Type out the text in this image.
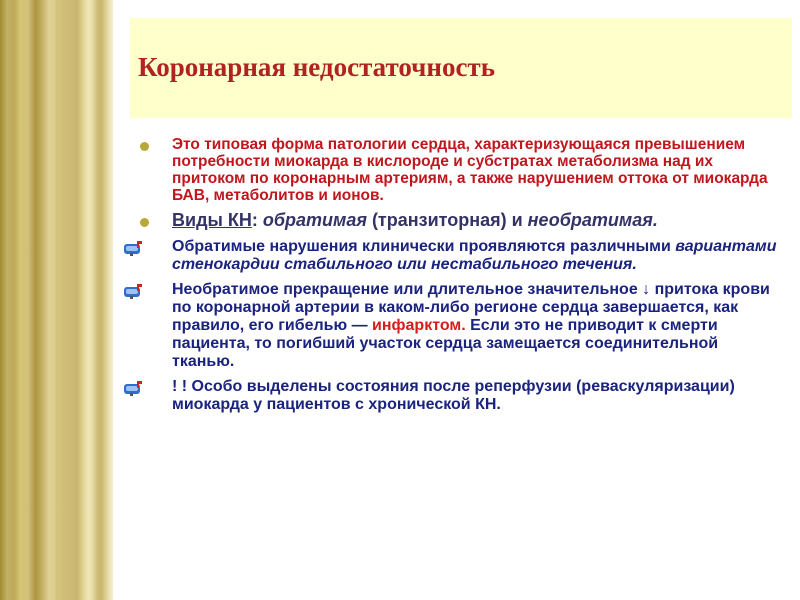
Коронарная недостаточность

Это типовая форма патологии сердца, характеризующаяся превышением потребности миокарда в кислороде и субстратах метаболизма над их притоком по коронарным артериям, а также нарушением оттока от миокарда БАВ, метаболитов и ионов.

Виды КН: обратимая (транзиторная) и необратимая.

Обратимые нарушения клинически проявляются различными вариантами стенокардии стабильного или нестабильного течения.

Необратимое прекращение или длительное значительное ↓ притока крови по коронарной артерии в каком-либо регионе сердца завершается, как правило, его гибелью — инфарктом. Если это не приводит к смерти пациента, то погибший участок сердца замещается соединительной тканью.

! ! Особо выделены состояния после реперфузии (реваскуляризации) миокарда у пациентов с хронической КН.
